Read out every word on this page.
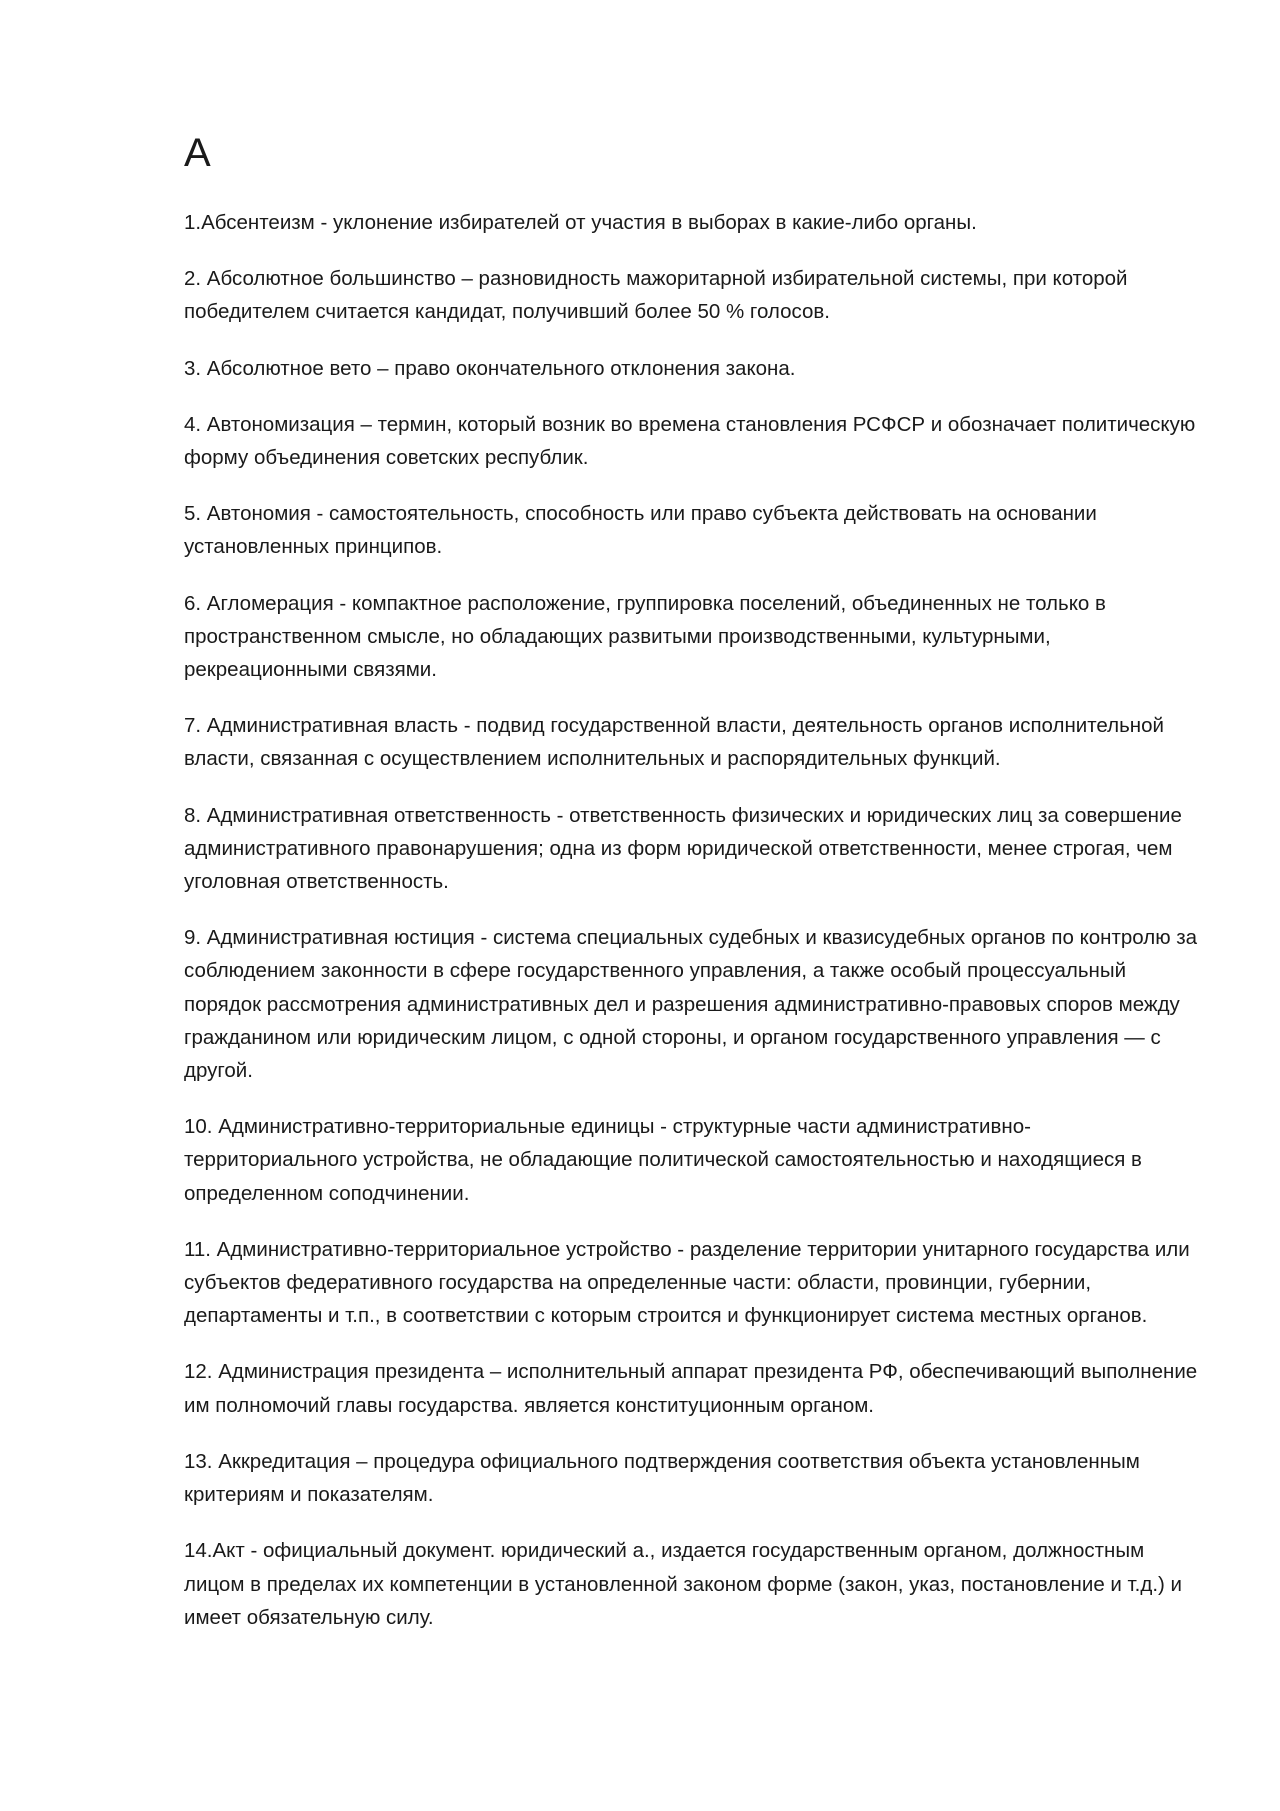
А

1.Абсентеизм - уклонение избирателей от участия в выборах в какие-либо органы.

2. Абсолютное большинство – разновидность мажоритарной избирательной системы, при которой победителем считается кандидат, получивший более 50 % голосов.

3. Абсолютное вето – право окончательного отклонения закона.

4. Автономизация – термин, который возник во времена становления РСФСР и обозначает политическую форму объединения советских республик.

5. Автономия - самостоятельность, способность или право субъекта действовать на основании установленных принципов.

6. Агломерация - компактное расположение, группировка поселений, объединенных не только в пространственном смысле, но обладающих развитыми производственными, культурными, рекреационными связями.

7. Административная власть - подвид государственной власти, деятельность органов исполнительной власти, связанная с осуществлением исполнительных и распорядительных функций.

8. Административная ответственность - ответственность физических и юридических лиц за совершение административного правонарушения; одна из форм юридической ответственности, менее строгая, чем уголовная ответственность.

9. Административная юстиция - система специальных судебных и квазисудебных органов по контролю за соблюдением законности в сфере государственного управления, а также особый процессуальный порядок рассмотрения административных дел и разрешения административно-правовых споров между гражданином или юридическим лицом, с одной стороны, и органом государственного управления — с другой.

10. Административно-территориальные единицы - структурные части административно-территориального устройства, не обладающие политической самостоятельностью и находящиеся в определенном соподчинении.

11. Административно-территориальное устройство - разделение территории унитарного государства или субъектов федеративного государства на определенные части: области, провинции, губернии, департаменты и т.п., в соответствии с которым строится и функционирует система местных органов.

12. Администрация президента – исполнительный аппарат президента РФ, обеспечивающий выполнение им полномочий главы государства. является конституционным органом.

13. Аккредитация – процедура официального подтверждения соответствия объекта установленным критериям и показателям.

14.Акт - официальный документ. юридический а., издается государственным органом, должностным лицом в пределах их компетенции в установленной законом форме (закон, указ, постановление и т.д.) и имеет обязательную силу.
